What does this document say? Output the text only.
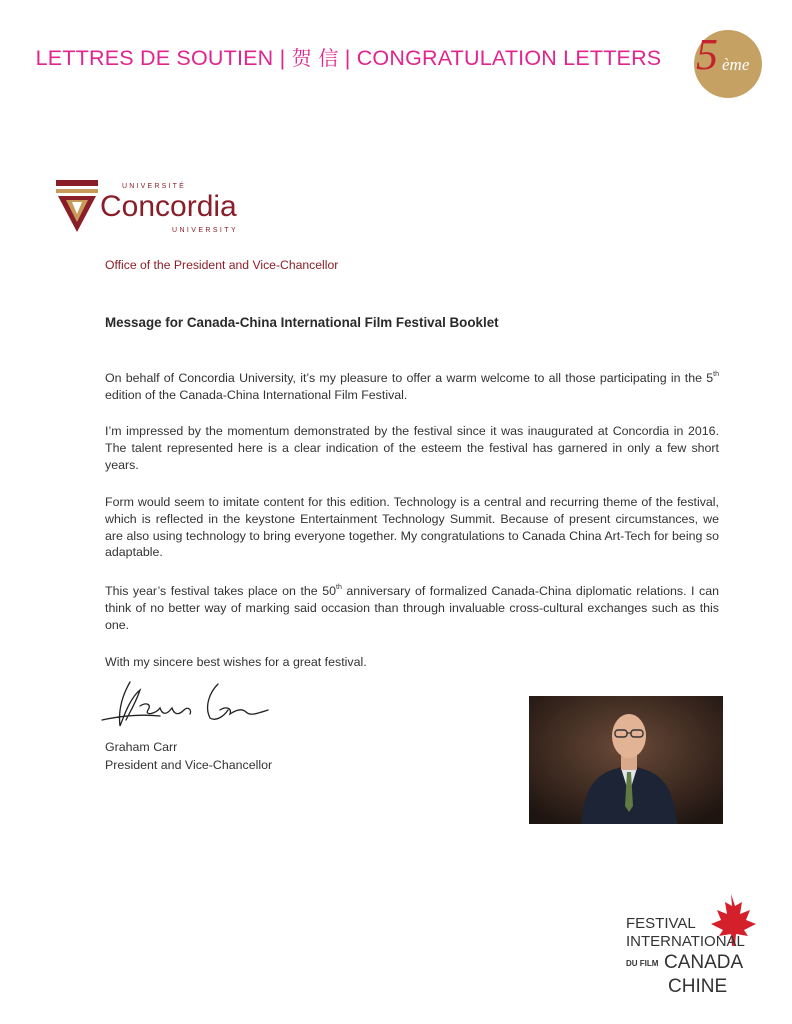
LETTRES DE SOUTIEN | 贺 信 | CONGRATULATION LETTERS 5 ème
UNIVERSITÉ
Concordia
UNIVERSITY
Office of the President and Vice-Chancellor
Message for Canada-China International Film Festival Booklet
On behalf of Concordia University, it’s my pleasure to offer a warm welcome to all those participating in the 5th edition of the Canada-China International Film Festival.
I’m impressed by the momentum demonstrated by the festival since it was inaugurated at Concordia in 2016. The talent represented here is a clear indication of the esteem the festival has garnered in only a few short years.
Form would seem to imitate content for this edition. Technology is a central and recurring theme of the festival, which is reflected in the keystone Entertainment Technology Summit. Because of present circumstances, we are also using technology to bring everyone together. My congratulations to Canada China Art-Tech for being so adaptable.
This year’s festival takes place on the 50th anniversary of formalized Canada-China diplomatic relations. I can think of no better way of marking said occasion than through invaluable cross-cultural exchanges such as this one.
With my sincere best wishes for a great festival.
Graham Carr
President and Vice-Chancellor
FESTIVAL
INTERNATIONAL
DU FILM CANADA
CHINE
